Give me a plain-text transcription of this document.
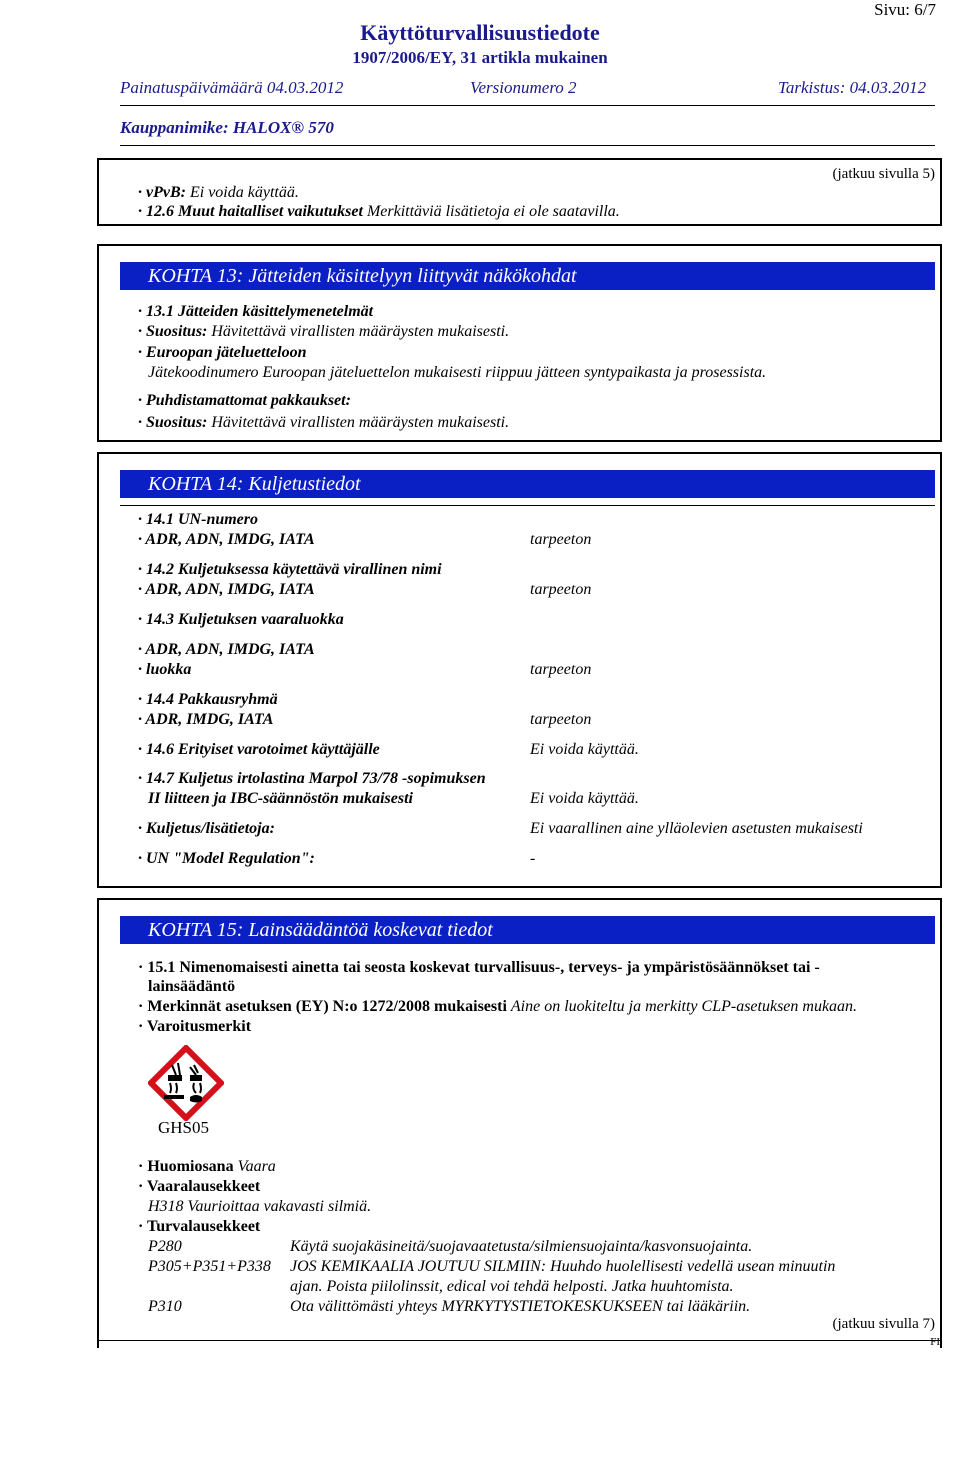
Sivu: 6/7
Käyttöturvallisuustiedote
1907/2006/EY, 31 artikla mukainen
Painatuspäivämäärä 04.03.2012	Versionumero 2	Tarkistus: 04.03.2012
Kauppanimike: HALOX® 570
(jatkuu sivulla 5)
· vPvB: Ei voida käyttää.
· 12.6 Muut haitalliset vaikutukset Merkittäviä lisätietoja ei ole saatavilla.
KOHTA 13: Jätteiden käsittelyyn liittyvät näkökohdat
· 13.1 Jätteiden käsittelymenetelmät
· Suositus: Hävitettävä virallisten määräysten mukaisesti.
· Euroopan jäteluetteloon
Jätekoodinumero Euroopan jäteluettelon mukaisesti riippuu jätteen syntypaikasta ja prosessista.
· Puhdistamattomat pakkaukset:
· Suositus: Hävitettävä virallisten määräysten mukaisesti.
KOHTA 14: Kuljetustiedot
· 14.1 UN-numero
· ADR, ADN, IMDG, IATA	tarpeeton
· 14.2 Kuljetuksessa käytettävä virallinen nimi
· ADR, ADN, IMDG, IATA	tarpeeton
· 14.3 Kuljetuksen vaaraluokka
· ADR, ADN, IMDG, IATA
· luokka	tarpeeton
· 14.4 Pakkausryhmä
· ADR, IMDG, IATA	tarpeeton
· 14.6 Erityiset varotoimet käyttäjälle	Ei voida käyttää.
· 14.7 Kuljetus irtolastina Marpol 73/78 -sopimuksen
II liitteen ja IBC-säännöstön mukaisesti	Ei voida käyttää.
· Kuljetus/lisätietoja:	Ei vaarallinen aine ylläolevien asetusten mukaisesti
· UN "Model Regulation":	-
KOHTA 15: Lainsäädäntöä koskevat tiedot
· 15.1 Nimenomaisesti ainetta tai seosta koskevat turvallisuus-, terveys- ja ympäristösäännökset tai -
lainsäädäntö
· Merkinnät asetuksen (EY) N:o 1272/2008 mukaisesti Aine on luokiteltu ja merkitty CLP-asetuksen mukaan.
· Varoitusmerkit
GHS05
· Huomiosana Vaara
· Vaaralausekkeet
H318 Vaurioittaa vakavasti silmiä.
· Turvalausekkeet
P280	Käytä suojakäsineitä/suojavaatetusta/silmiensuojainta/kasvonsuojainta.
P305+P351+P338 JOS KEMIKAALIA JOUTUU SILMIIN: Huuhdo huolellisesti vedellä usean minuutin
ajan. Poista piilolinssit, edical voi tehdä helposti. Jatka huuhtomista.
P310	Ota välittömästi yhteys MYRKYTYSTIETOKESKUKSEEN tai lääkäriin.
(jatkuu sivulla 7)
FI
